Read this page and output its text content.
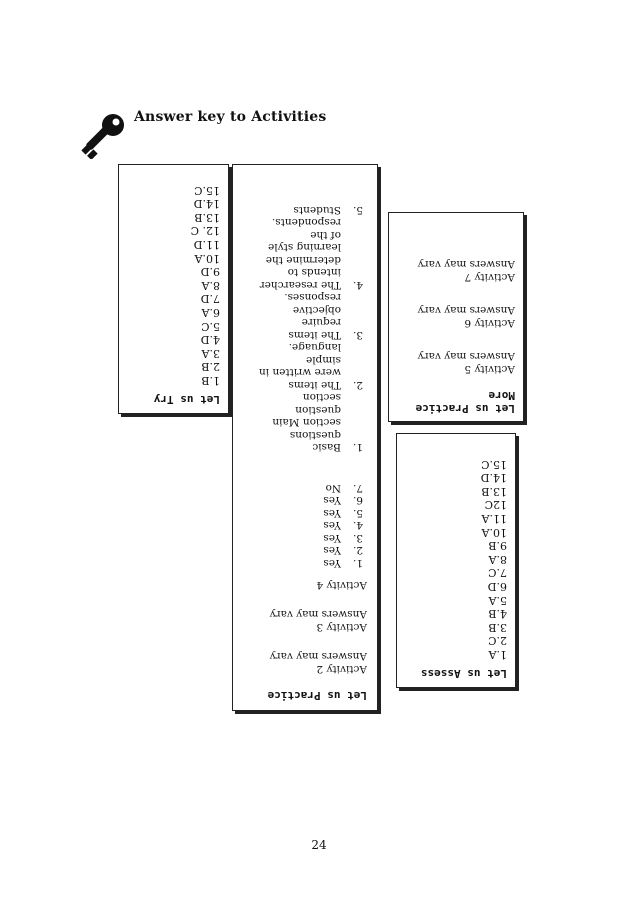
Answer key to Activities
Let us Try
1.B
2.B
3.A
4.D
5.C
6.A
7.D
8.A
9.D
10.A
11.D
12. C
13.B
14.D
15.C
Let us Practice
Activity 2
Answers may vary
Activity 3
Answers may vary
Activity 4
1.
Yes
2.
Yes
3.
Yes
4.
Yes
5.
Yes
6.
Yes
7.
No
1.
Basic questions section Main question section
2.
The items were written in simple language.
3.
The items require objective responses.
4.
The researcher intends to determine the learning style of the respondents.
5.
Students
Let us Practice More
Activity 5
Answers may vary
Activity 6
Answers may vary
Activity 7
Answers may vary
Let us Assess
1.A
2.C
3.B
4.B
5.A
6.D
7.C
8.A
9.B
10.A
11.A
12C
13.B
14.D
15.C
24
